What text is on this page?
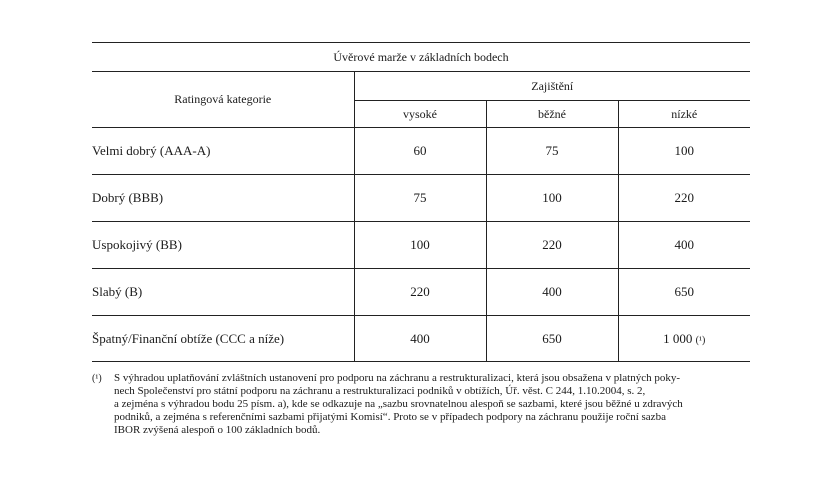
Úvěrové marže v základních bodech			
Ratingová kategorie	Zajištění		
	vysoké	běžné	nízké
Velmi dobrý (AAA-A)	60	75	100
Dobrý (BBB)	75	100	220
Uspokojivý (BB)	100	220	400
Slabý (B)	220	400	650
Špatný/Finanční obtíže (CCC a níže)	400	650	1 000 (¹)
(¹)	S výhradou uplatňování zvláštních ustanovení pro podporu na záchranu a restrukturalizaci, která jsou obsažena v platných poky-
nech Společenství pro státní podporu na záchranu a restrukturalizaci podniků v obtížích, Úř. věst. C 244, 1.10.2004, s. 2,
a zejména s výhradou bodu 25 písm. a), kde se odkazuje na „sazbu srovnatelnou alespoň se sazbami, které jsou běžné u zdravých
podniků, a zejména s referenčními sazbami přijatými Komisí“. Proto se v případech podpory na záchranu použije roční sazba
IBOR zvýšená alespoň o 100 základních bodů.
